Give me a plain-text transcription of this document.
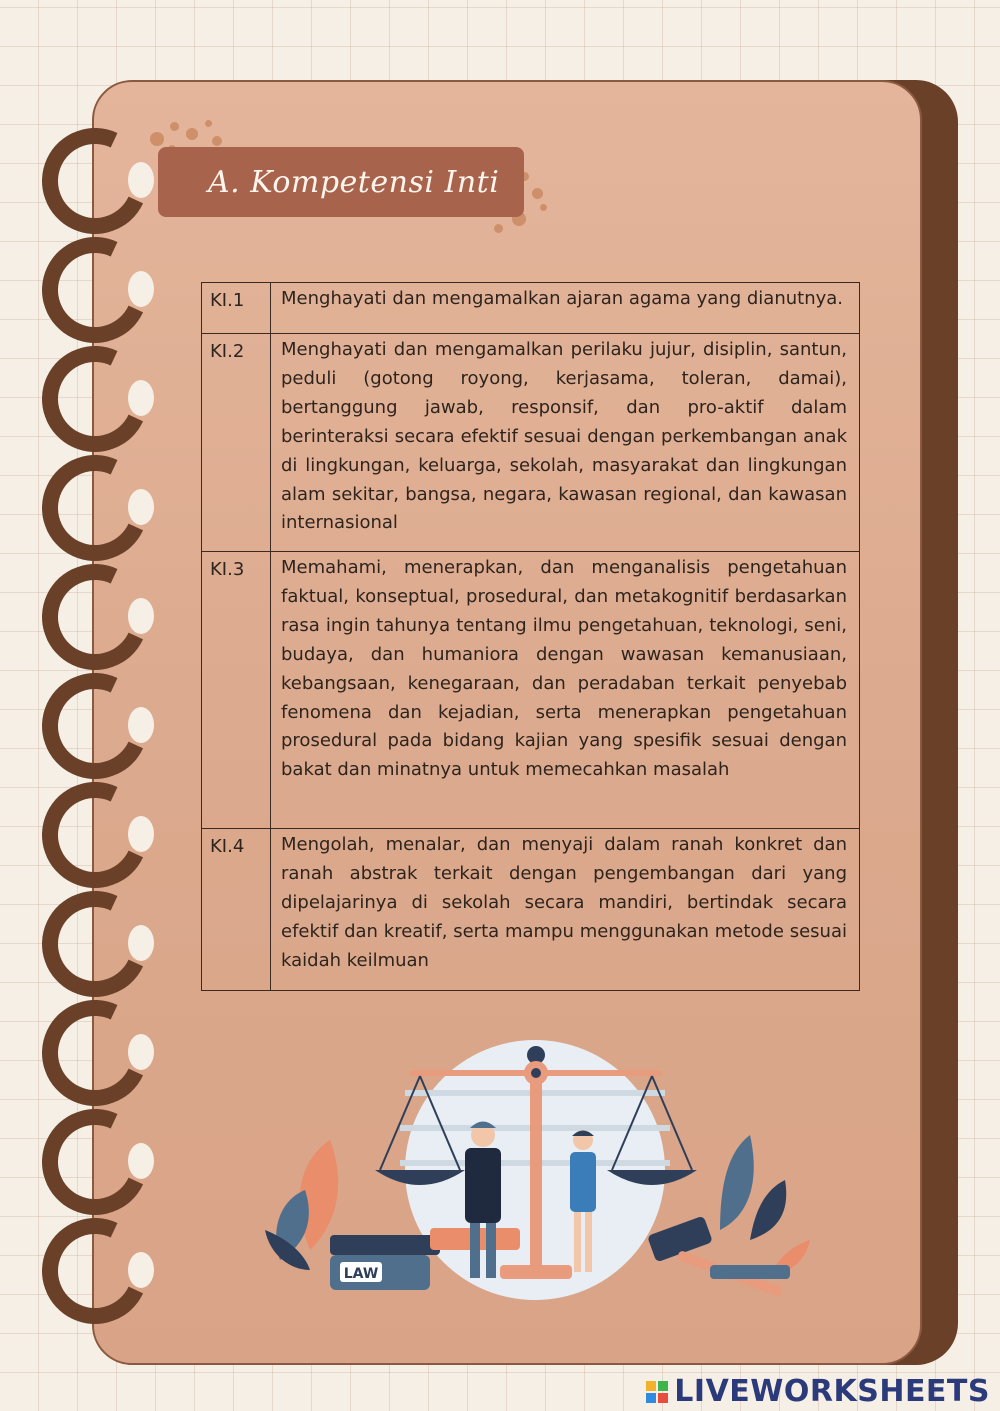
A. Kompetensi Inti
KI.1	Menghayati dan mengamalkan ajaran agama yang dianutnya.
KI.2	Menghayati dan mengamalkan perilaku jujur, disiplin, santun, peduli (gotong royong, kerjasama, toleran, damai), bertanggung jawab, responsif, dan pro-aktif dalam berinteraksi secara efektif sesuai dengan perkembangan anak di lingkungan, keluarga, sekolah, masyarakat dan lingkungan alam sekitar, bangsa, negara, kawasan regional, dan kawasan internasional
KI.3	Memahami, menerapkan, dan menganalisis pengetahuan faktual, konseptual, prosedural, dan metakognitif berdasarkan rasa ingin tahunya tentang ilmu pengetahuan, teknologi, seni, budaya, dan humaniora dengan wawasan kemanusiaan, kebangsaan, kenegaraan, dan peradaban terkait penyebab fenomena dan kejadian, serta menerapkan pengetahuan prosedural pada bidang kajian yang spesifik sesuai dengan bakat dan minatnya untuk memecahkan masalah
KI.4	Mengolah, menalar, dan menyaji dalam ranah konkret dan ranah abstrak terkait dengan pengembangan dari yang dipelajarinya di sekolah secara mandiri, bertindak secara efektif dan kreatif, serta mampu menggunakan metode sesuai kaidah keilmuan
LAW
LIVEWORKSHEETS
